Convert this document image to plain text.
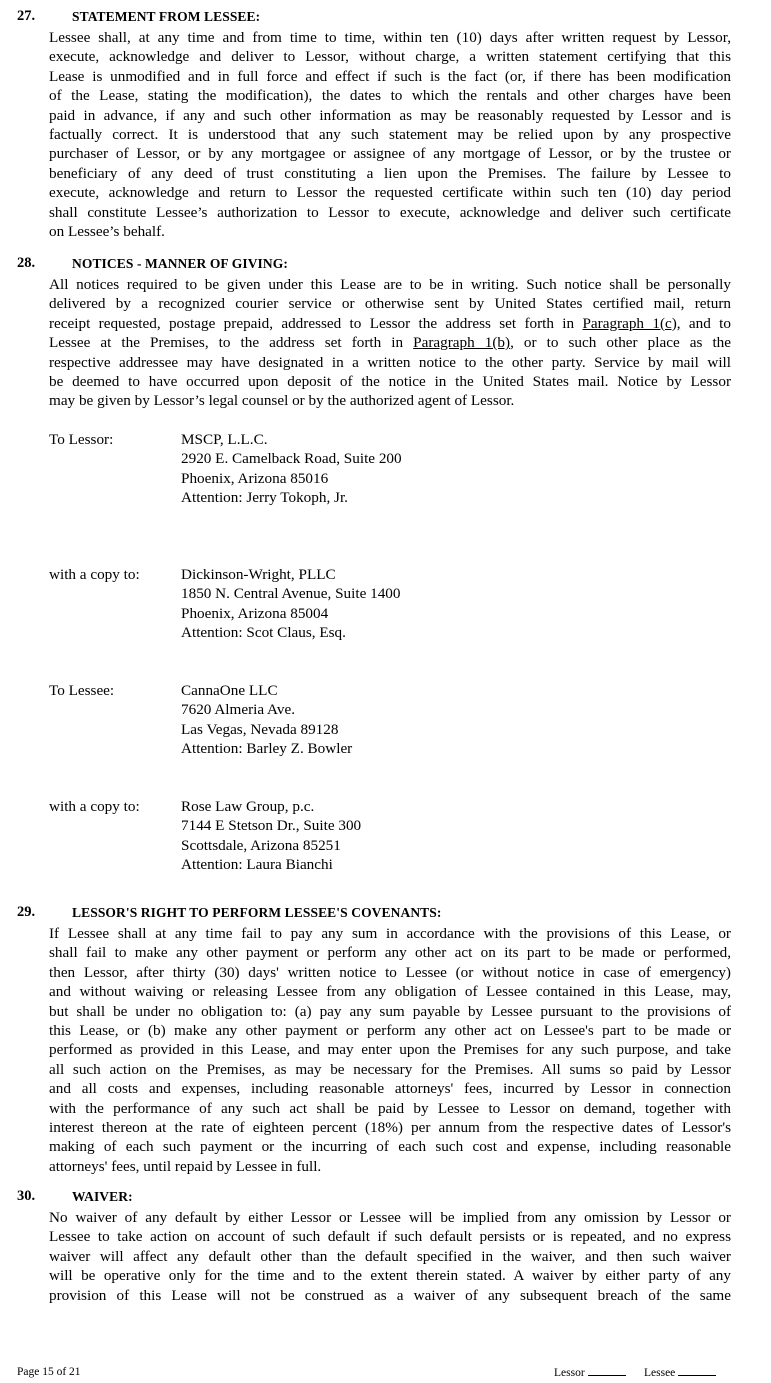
27.	STATEMENT FROM LESSEE:
Lessee shall, at any time and from time to time, within ten (10) days after written request by Lessor,
execute, acknowledge and deliver to Lessor, without charge, a written statement certifying that this
Lease is unmodified and in full force and effect if such is the fact (or, if there has been modification
of the Lease, stating the modification), the dates to which the rentals and other charges have been
paid in advance, if any and such other information as may be reasonably requested by Lessor and is
factually correct. It is understood that any such statement may be relied upon by any prospective
purchaser of Lessor, or by any mortgagee or assignee of any mortgage of Lessor, or by the trustee or
beneficiary of any deed of trust constituting a lien upon the Premises. The failure by Lessee to
execute, acknowledge and return to Lessor the requested certificate within such ten (10) day period
shall constitute Lessee’s authorization to Lessor to execute, acknowledge and deliver such certificate
on Lessee’s behalf.
28.	NOTICES - MANNER OF GIVING:
All notices required to be given under this Lease are to be in writing. Such notice shall be personally
delivered by a recognized courier service or otherwise sent by United States certified mail, return
receipt requested, postage prepaid, addressed to Lessor the address set forth in Paragraph 1(c), and to
Lessee at the Premises, to the address set forth in Paragraph 1(b), or to such other place as the
respective addressee may have designated in a written notice to the other party. Service by mail will
be deemed to have occurred upon deposit of the notice in the United States mail. Notice by Lessor
may be given by Lessor’s legal counsel or by the authorized agent of Lessor.
To Lessor:	MSCP, L.L.C.
2920 E. Camelback Road, Suite 200
Phoenix, Arizona 85016
Attention: Jerry Tokoph, Jr.
with a copy to:	Dickinson-Wright, PLLC
1850 N. Central Avenue, Suite 1400
Phoenix, Arizona 85004
Attention: Scot Claus, Esq.
To Lessee:	CannaOne LLC
7620 Almeria Ave.
Las Vegas, Nevada 89128
Attention: Barley Z. Bowler
with a copy to:	Rose Law Group, p.c.
7144 E Stetson Dr., Suite 300
Scottsdale, Arizona 85251
Attention: Laura Bianchi
29.	LESSOR'S RIGHT TO PERFORM LESSEE'S COVENANTS:
If Lessee shall at any time fail to pay any sum in accordance with the provisions of this Lease, or
shall fail to make any other payment or perform any other act on its part to be made or performed,
then Lessor, after thirty (30) days' written notice to Lessee (or without notice in case of emergency)
and without waiving or releasing Lessee from any obligation of Lessee contained in this Lease, may,
but shall be under no obligation to: (a) pay any sum payable by Lessee pursuant to the provisions of
this Lease, or (b) make any other payment or perform any other act on Lessee's part to be made or
performed as provided in this Lease, and may enter upon the Premises for any such purpose, and take
all such action on the Premises, as may be necessary for the Premises. All sums so paid by Lessor
and all costs and expenses, including reasonable attorneys' fees, incurred by Lessor in connection
with the performance of any such act shall be paid by Lessee to Lessor on demand, together with
interest thereon at the rate of eighteen percent (18%) per annum from the respective dates of Lessor's
making of each such payment or the incurring of each such cost and expense, including reasonable
attorneys' fees, until repaid by Lessee in full.
30.	WAIVER:
No waiver of any default by either Lessor or Lessee will be implied from any omission by Lessor or
Lessee to take action on account of such default if such default persists or is repeated, and no express
waiver will affect any default other than the default specified in the waiver, and then such waiver
will be operative only for the time and to the extent therein stated. A waiver by either party of any
provision of this Lease will not be construed as a waiver of any subsequent breach of the same
Page 15 of 21	Lessor	Lessee
